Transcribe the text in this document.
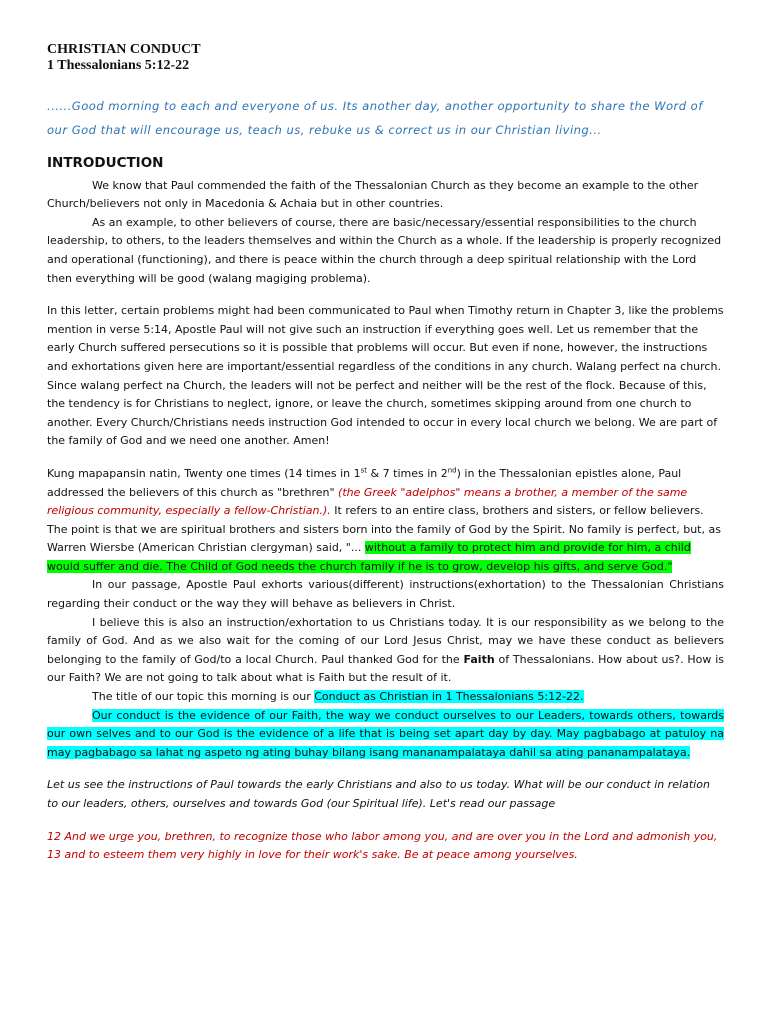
CHRISTIAN CONDUCT

1 Thessalonians 5:12-22

......Good morning to each and everyone of us. Its another day, another opportunity to share the Word of our God that will encourage us, teach us, rebuke us & correct us in our Christian living...

INTRODUCTION

We know that Paul commended the faith of the Thessalonian Church as they become an example to the other Church/believers not only in Macedonia & Achaia but in other countries.

As an example, to other believers of course, there are basic/necessary/essential responsibilities to the church leadership, to others, to the leaders themselves and within the Church as a whole. If the leadership is properly recognized and operational (functioning), and there is peace within the church through a deep spiritual relationship with the Lord then everything will be good (walang magiging problema).

In this letter, certain problems might had been communicated to Paul when Timothy return in Chapter 3, like the problems mention in verse 5:14, Apostle Paul will not give such an instruction if everything goes well. Let us remember that the early Church suffered persecutions so it is possible that problems will occur. But even if none, however, the instructions and exhortations given here are important/essential regardless of the conditions in any church. Walang perfect na church. Since walang perfect na Church, the leaders will not be perfect and neither will be the rest of the flock. Because of this, the tendency is for Christians to neglect, ignore, or leave the church, sometimes skipping around from one church to another. Every Church/Christians needs instruction God intended to occur in every local church we belong. We are part of the family of God and we need one another. Amen!

Kung mapapansin natin, Twenty one times (14 times in 1st & 7 times in 2nd) in the Thessalonian epistles alone, Paul addressed the believers of this church as "brethren" (the Greek "adelphos" means a brother, a member of the same religious community, especially a fellow-Christian.). It refers to an entire class, brothers and sisters, or fellow believers. The point is that we are spiritual brothers and sisters born into the family of God by the Spirit. No family is perfect, but, as Warren Wiersbe (American Christian clergyman) said, "... without a family to protect him and provide for him, a child would suffer and die. The Child of God needs the church family if he is to grow, develop his gifts, and serve God."

In our passage, Apostle Paul exhorts various(different) instructions(exhortation) to the Thessalonian Christians regarding their conduct or the way they will behave as believers in Christ.

I believe this is also an instruction/exhortation to us Christians today. It is our responsibility as we belong to the family of God. And as we also wait for the coming of our Lord Jesus Christ, may we have these conduct as believers belonging to the family of God/to a local Church. Paul thanked God for the Faith of Thessalonians. How about us?. How is our Faith? We are not going to talk about what is Faith but the result of it.

The title of our topic this morning is our Conduct as Christian in 1 Thessalonians 5:12-22.

Our conduct is the evidence of our Faith, the way we conduct ourselves to our Leaders, towards others, towards our own selves and to our God is the evidence of a life that is being set apart day by day. May pagbabago at patuloy na may pagbabago sa lahat ng aspeto ng ating buhay bilang isang mananampalataya dahil sa ating pananampalataya.

Let us see the instructions of Paul towards the early Christians and also to us today. What will be our conduct in relation to our leaders, others, ourselves and towards God (our Spiritual life). Let's read our passage

12 And we urge you, brethren, to recognize those who labor among you, and are over you in the Lord and admonish you, 13 and to esteem them very highly in love for their work's sake. Be at peace among yourselves.
